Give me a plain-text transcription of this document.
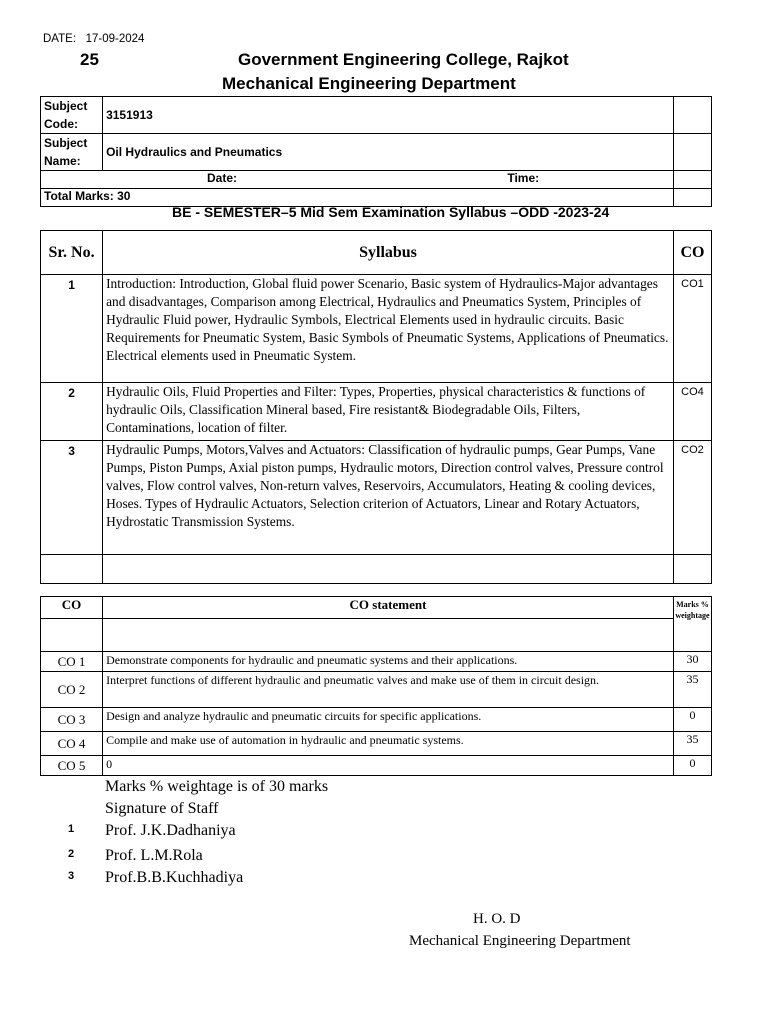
DATE: 17-09-2024
25	Government Engineering College, Rajkot
Mechanical Engineering Department
Subject Code:	3151913	
Subject Name:	Oil Hydraulics and Pneumatics	
Date: Time:		
Total Marks: 30		
BE - SEMESTER–5 Mid Sem Examination Syllabus –ODD -2023-24
Sr. No.	Syllabus	CO
1	Introduction: Introduction, Global fluid power Scenario, Basic system of Hydraulics-Major advantages and disadvantages, Comparison among Electrical, Hydraulics and Pneumatics System, Principles of Hydraulic Fluid power, Hydraulic Symbols, Electrical Elements used in hydraulic circuits. Basic Requirements for Pneumatic System, Basic Symbols of Pneumatic Systems, Applications of Pneumatics. Electrical elements used in Pneumatic System.	CO1
2	Hydraulic Oils, Fluid Properties and Filter: Types, Properties, physical characteristics & functions of hydraulic Oils, Classification Mineral based, Fire resistant& Biodegradable Oils, Filters, Contaminations, location of filter.	CO4
3	Hydraulic Pumps, Motors,Valves and Actuators: Classification of hydraulic pumps, Gear Pumps, Vane Pumps, Piston Pumps, Axial piston pumps, Hydraulic motors, Direction control valves, Pressure control valves, Flow control valves, Non-return valves, Reservoirs, Accumulators, Heating & cooling devices, Hoses. Types of Hydraulic Actuators, Selection criterion of Actuators, Linear and Rotary Actuators, Hydrostatic Transmission Systems.	CO2

CO	CO statement	Marks % weightage

CO 1	Demonstrate components for hydraulic and pneumatic systems and their applications.	30
CO 2	Interpret functions of different hydraulic and pneumatic valves and make use of them in circuit design.	35
CO 3	Design and analyze hydraulic and pneumatic circuits for specific applications.	0
CO 4	Compile and make use of automation in hydraulic and pneumatic systems.	35
CO 5	0	0
Marks % weightage is of 30 marks
Signature of Staff
1 Prof. J.K.Dadhaniya
2 Prof. L.M.Rola
3 Prof.B.B.Kuchhadiya
H. O. D
Mechanical Engineering Department
